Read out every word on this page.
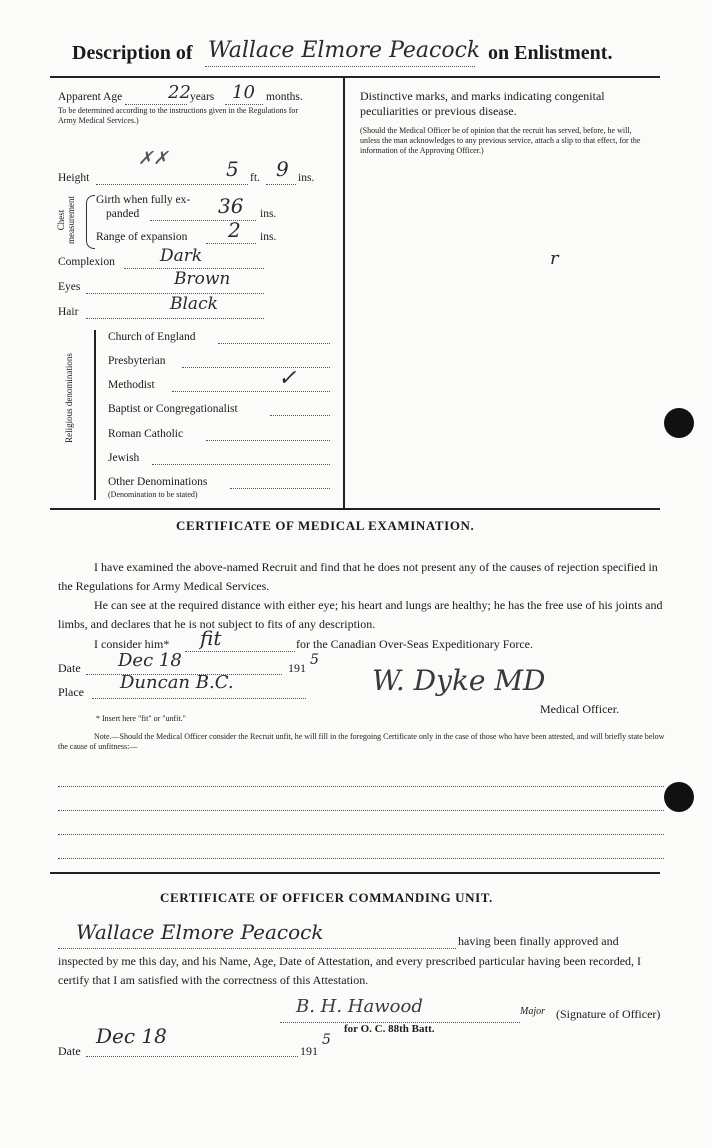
Description of Wallace Elmore Peacock on Enlistment.
Apparent Age	22 years 10 months.
To be determined according to the instructions given in the Regulations for Army Medical Services.)
✗✗
Height	5 ft. 9 ins.
Chest measurement Girth when fully ex-
panded	36 ins.
Range of expansion 2 ins.
Complexion	Dark
Eyes	Brown
Hair	Black
Religious denominations
Church of England
Presbyterian
Methodist	✓
Baptist or Congregationalist
Roman Catholic
Jewish
Other Denominations
(Denomination to be stated)
Distinctive marks, and marks indicating congenital peculiarities or previous disease.
(Should the Medical Officer be of opinion that the recruit has served, before, he will, unless the man acknowledges to any previous service, attach a slip to that effect, for the information of the Approving Officer.)
r
CERTIFICATE OF MEDICAL EXAMINATION.
I have examined the above-named Recruit and find that he does not present any of the causes of rejection specified in the Regulations for Army Medical Services.
He can see at the required distance with either eye; his heart and lungs are healthy; he has the free use of his joints and limbs, and declares that he is not subject to fits of any description.
I consider him* fit	for the Canadian Over-Seas Expeditionary Force.
Date Dec 18	191 5
Place Duncan B.C.	W. Dyke MD
Medical Officer.
* Insert here "fit" or "unfit."
Note.—Should the Medical Officer consider the Recruit unfit, he will fill in the foregoing Certificate only in the case of those who have been attested, and will briefly state below the cause of unfitness:—
CERTIFICATE OF OFFICER COMMANDING UNIT.
Wallace Elmore Peacock	having been finally approved and
inspected by me this day, and his Name, Age, Date of Attestation, and every prescribed particular having been recorded, I certify that I am satisfied with the correctness of this Attestation.
B. H. Hawood	Major (Signature of Officer)
for O. C. 88th Batt.
Dec 18
Date	191
5
